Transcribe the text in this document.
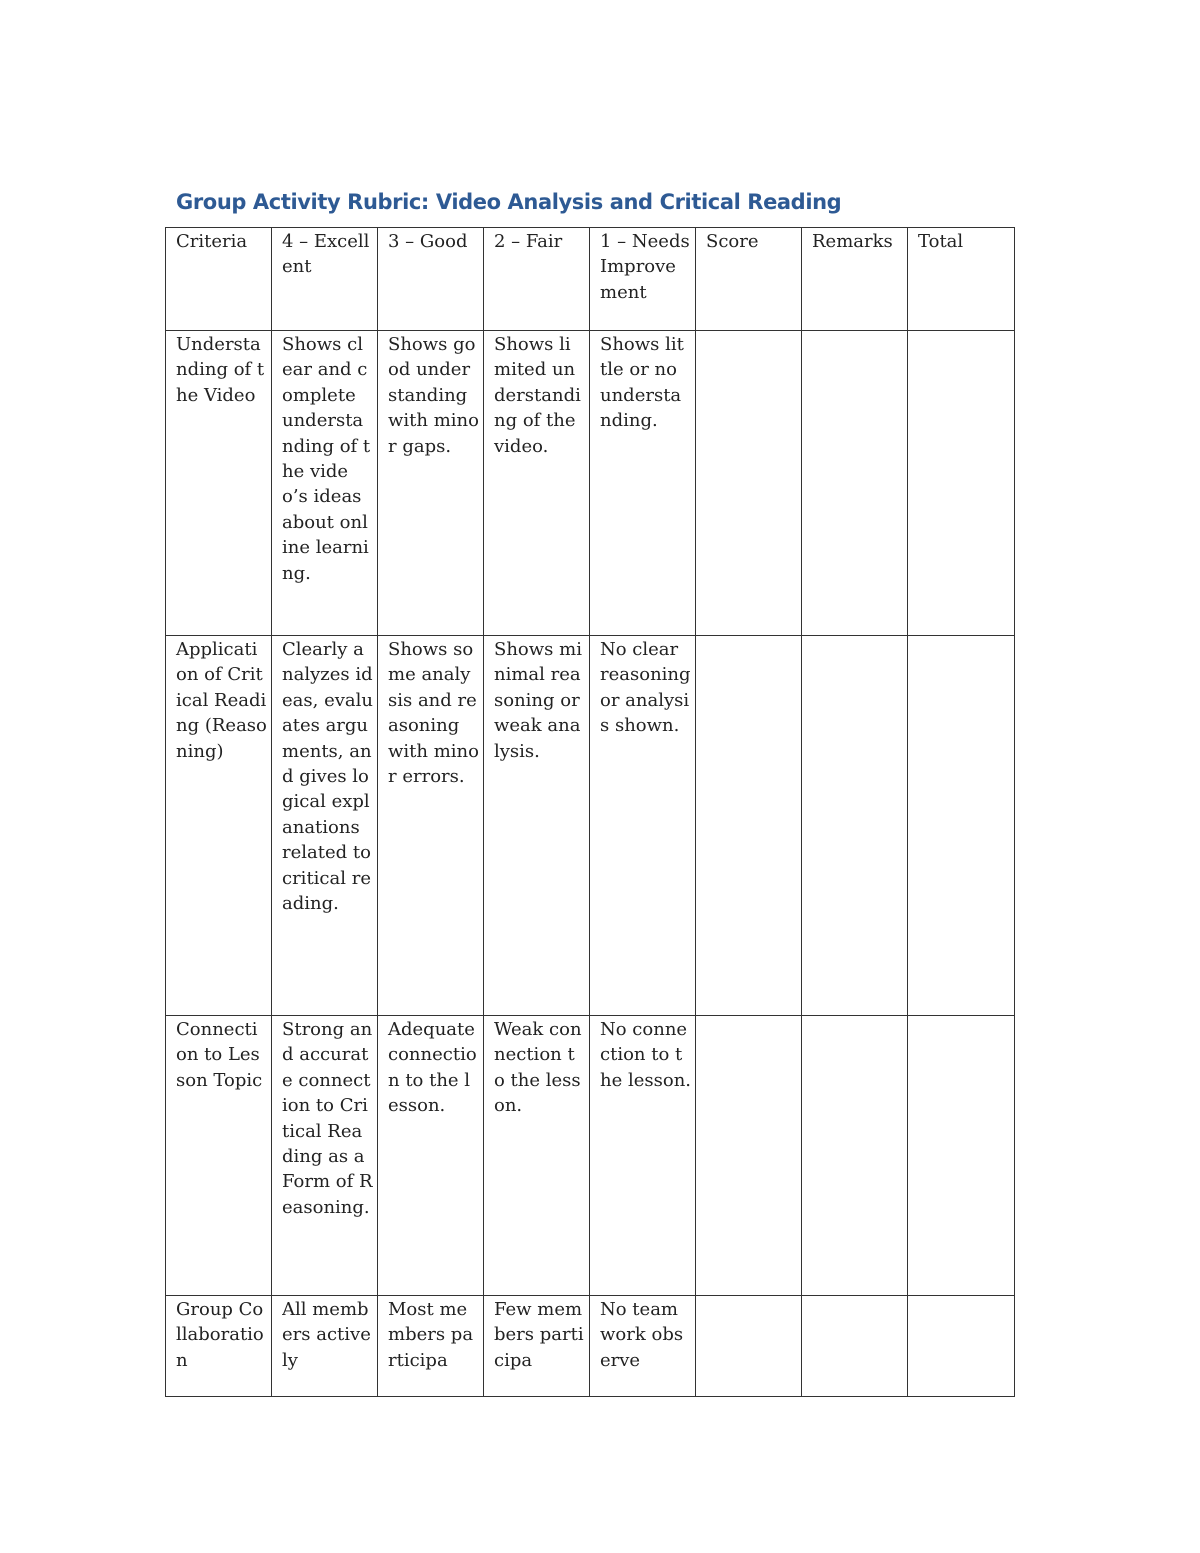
Group Activity Rubric: Video Analysis and Critical Reading
Criteria	4 – Excellent	3 – Good	2 – Fair	1 – Needs Improvement	Score	Remarks	Total
Understanding of the Video	Shows clear and complete understanding of the video’s ideas about online learning.	Shows good understanding with minor gaps.	Shows limited understanding of the video.	Shows little or no understanding.			
Application of Critical Reading (Reasoning)	Clearly analyzes ideas, evaluates arguments, and gives logical explanations related to critical reading.	Shows some analysis and reasoning with minor errors.	Shows minimal reasoning or weak analysis.	No clear reasoning or analysis shown.			
Connection to Lesson Topic	Strong and accurate connection to Critical Reading as a Form of Reasoning.	Adequate connection to the lesson.	Weak connection to the lesson.	No connection to the lesson.			

Group Collaboration	All members actively	Most members participa	Few members participa	No teamwork observe			
